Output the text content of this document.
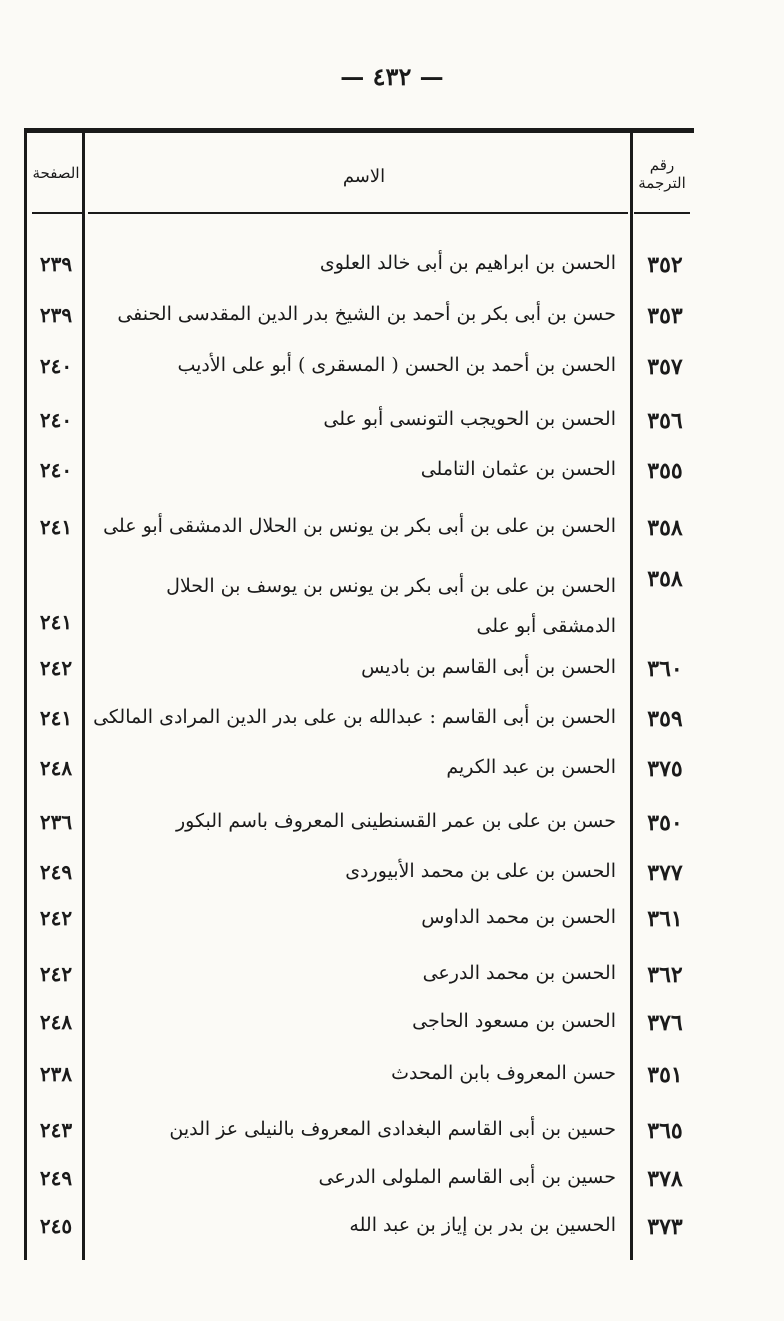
— ٤٣٢ —
الصفحة	الاسم
رقم الترجمة
٣٥٢
الحسن بن ابراهيم بن أبى خالد العلوى
٢٣٩
٣٥٣
حسن بن أبى بكر بن أحمد بن الشيخ بدر الدين المقدسى الحنفى
٢٣٩
٣٥٧
الحسن بن أحمد بن الحسن ( المسقرى ) أبو على الأديب
٢٤٠
٣٥٦
الحسن بن الحويجب التونسى أبو على
٢٤٠
٣٥٥
الحسن بن عثمان التاملى
٢٤٠
٣٥٨
الحسن بن على بن أبى بكر بن يونس بن الحلال الدمشقى أبو على
٢٤١
٣٥٨
الحسن بن على بن أبى بكر بن يونس بن يوسف بن الحلال الدمشقى أبو على
٢٤١
٣٦٠
الحسن بن أبى القاسم بن باديس
٢٤٢
٣٥٩
الحسن بن أبى القاسم : عبدالله بن على بدر الدين المرادى المالكى
٢٤١
٣٧٥
الحسن بن عبد الكريم
٢٤٨
٣٥٠
حسن بن على بن عمر القسنطينى المعروف باسم البكور
٢٣٦
٣٧٧
الحسن بن على بن محمد الأبيوردى
٢٤٩
٣٦١
الحسن بن محمد الداوس
٢٤٢
٣٦٢
الحسن بن محمد الدرعى
٢٤٢
٣٧٦
الحسن بن مسعود الحاجى
٢٤٨
٣٥١
حسن المعروف بابن المحدث
٢٣٨
٣٦٥
حسين بن أبى القاسم البغدادى المعروف بالنيلى عز الدين
٢٤٣
٣٧٨
حسين بن أبى القاسم الملولى الدرعى
٢٤٩
٣٧٣
الحسين بن بدر بن إياز بن عبد الله
٢٤٥
